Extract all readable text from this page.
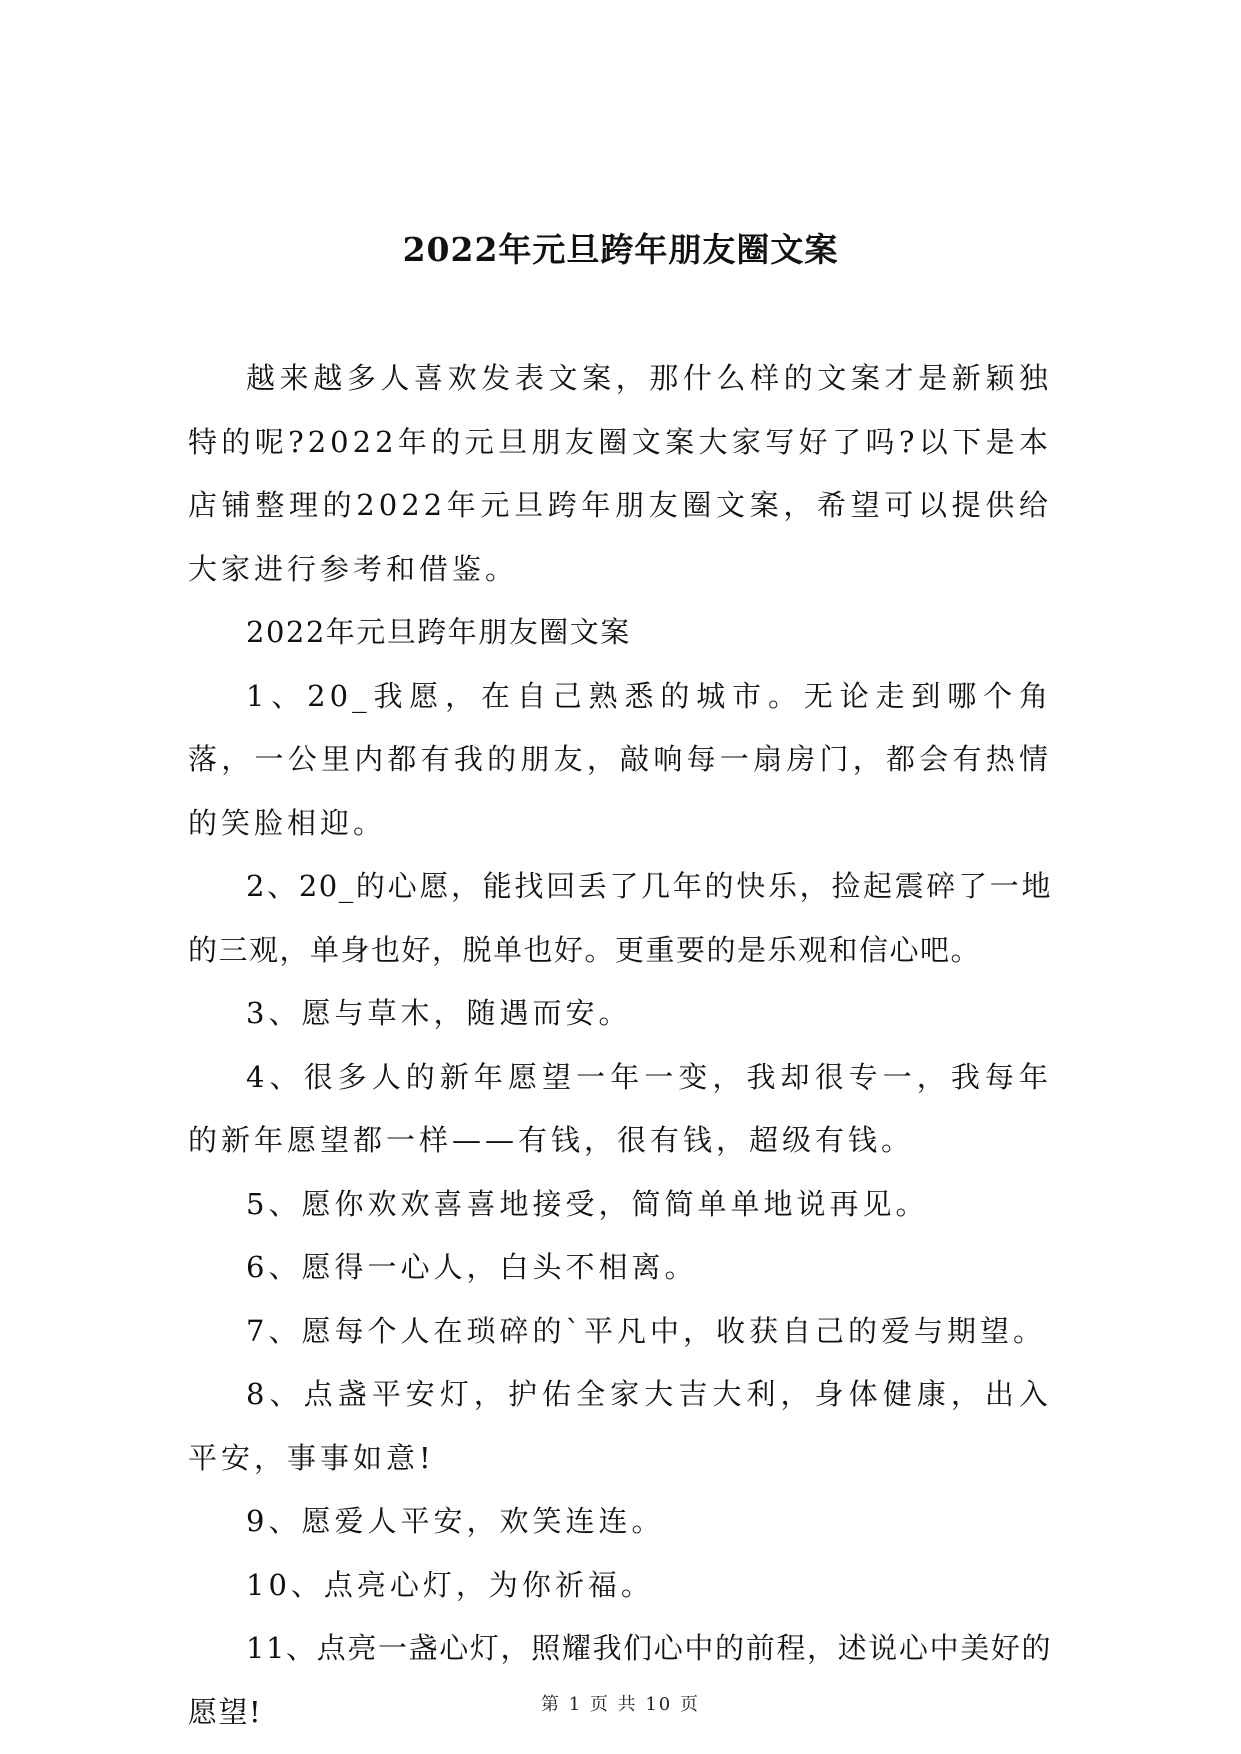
2022年元旦跨年朋友圈文案

越来越多人喜欢发表文案，那什么样的文案才是新颖独特的呢?2022年的元旦朋友圈文案大家写好了吗?以下是本店铺整理的2022年元旦跨年朋友圈文案，希望可以提供给大家进行参考和借鉴。

2022年元旦跨年朋友圈文案

1、20_我愿，在自己熟悉的城市。无论走到哪个角落，一公里内都有我的朋友，敲响每一扇房门，都会有热情的笑脸相迎。

2、20_的心愿，能找回丢了几年的快乐，捡起震碎了一地的三观，单身也好，脱单也好。更重要的是乐观和信心吧。

3、愿与草木，随遇而安。

4、很多人的新年愿望一年一变，我却很专一，我每年的新年愿望都一样——有钱，很有钱，超级有钱。

5、愿你欢欢喜喜地接受，简简单单地说再见。

6、愿得一心人，白头不相离。

7、愿每个人在琐碎的`平凡中，收获自己的爱与期望。

8、点盏平安灯，护佑全家大吉大利，身体健康，出入平安，事事如意!

9、愿爱人平安，欢笑连连。

10、点亮心灯，为你祈福。

11、点亮一盏心灯，照耀我们心中的前程，述说心中美好的愿望!	第 1 页 共 10 页
